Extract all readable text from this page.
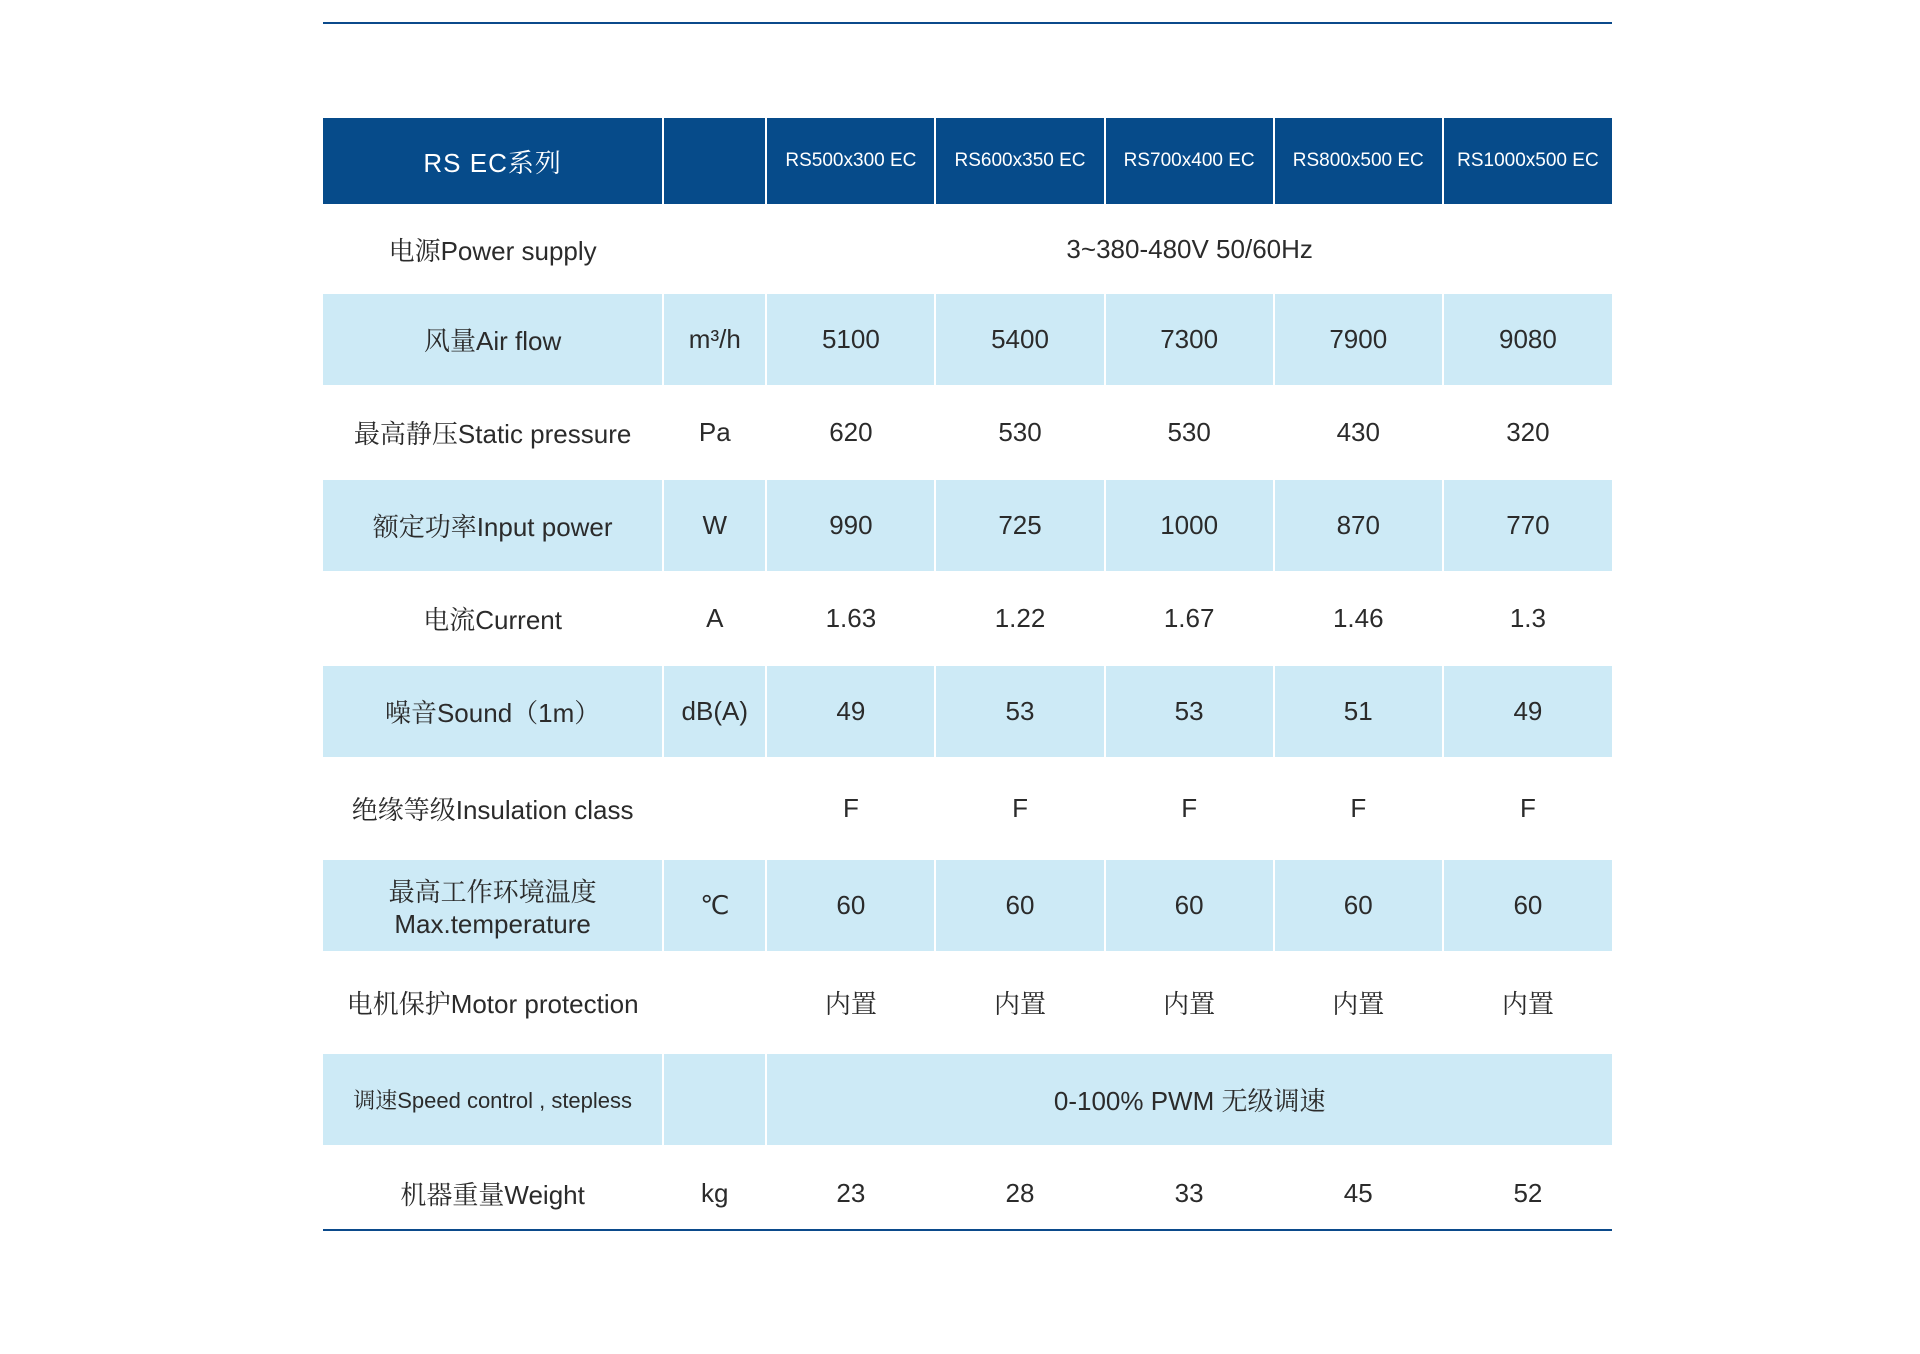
RS EC系列		RS500x300 EC	RS600x350 EC	RS700x400 EC	RS800x500 EC	RS1000x500 EC
电源Power supply		3~380-480V 50/60Hz				
风量Air flow	m³/h	5100	5400	7300	7900	9080
最高静压Static pressure	Pa	620	530	530	430	320
额定功率Input power	W	990	725	1000	870	770
电流Current	A	1.63	1.22	1.67	1.46	1.3
噪音Sound（1m）	dB(A)	49	53	53	51	49
绝缘等级Insulation class		F	F	F	F	F

最高工作环境温度
Max.temperature	℃	60	60	60	60	60
电机保护Motor protection		内置	内置	内置	内置	内置
调速Speed control , stepless		0-100% PWM 无级调速				
机器重量Weight	kg	23	28	33	45	52
